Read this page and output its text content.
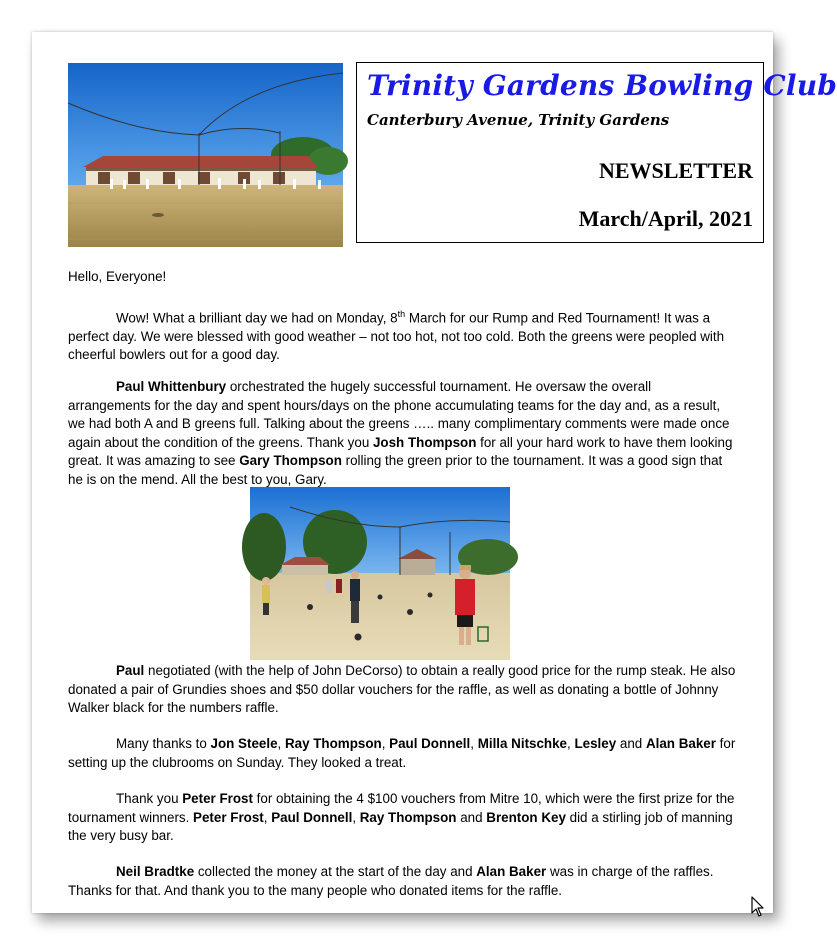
Trinity Gardens Bowling Club
Canterbury Avenue, Trinity Gardens
NEWSLETTER
March/April, 2021
Hello, Everyone!
Wow! What a brilliant day we had on Monday, 8th March for our Rump and Red Tournament! It was a perfect day. We were blessed with good weather – not too hot, not too cold. Both the greens were peopled with cheerful bowlers out for a good day.
Paul Whittenbury orchestrated the hugely successful tournament. He oversaw the overall arrangements for the day and spent hours/days on the phone accumulating teams for the day and, as a result, we had both A and B greens full. Talking about the greens ….. many complimentary comments were made once again about the condition of the greens. Thank you Josh Thompson for all your hard work to have them looking great. It was amazing to see Gary Thompson rolling the green prior to the tournament. It was a good sign that he is on the mend. All the best to you, Gary.
Paul negotiated (with the help of John DeCorso) to obtain a really good price for the rump steak. He also donated a pair of Grundies shoes and $50 dollar vouchers for the raffle, as well as donating a bottle of Johnny Walker black for the numbers raffle.
Many thanks to Jon Steele, Ray Thompson, Paul Donnell, Milla Nitschke, Lesley and Alan Baker for setting up the clubrooms on Sunday. They looked a treat.
Thank you Peter Frost for obtaining the 4 $100 vouchers from Mitre 10, which were the first prize for the tournament winners. Peter Frost, Paul Donnell, Ray Thompson and Brenton Key did a stirling job of manning the very busy bar.
Neil Bradtke collected the money at the start of the day and Alan Baker was in charge of the raffles. Thanks for that. And thank you to the many people who donated items for the raffle.
